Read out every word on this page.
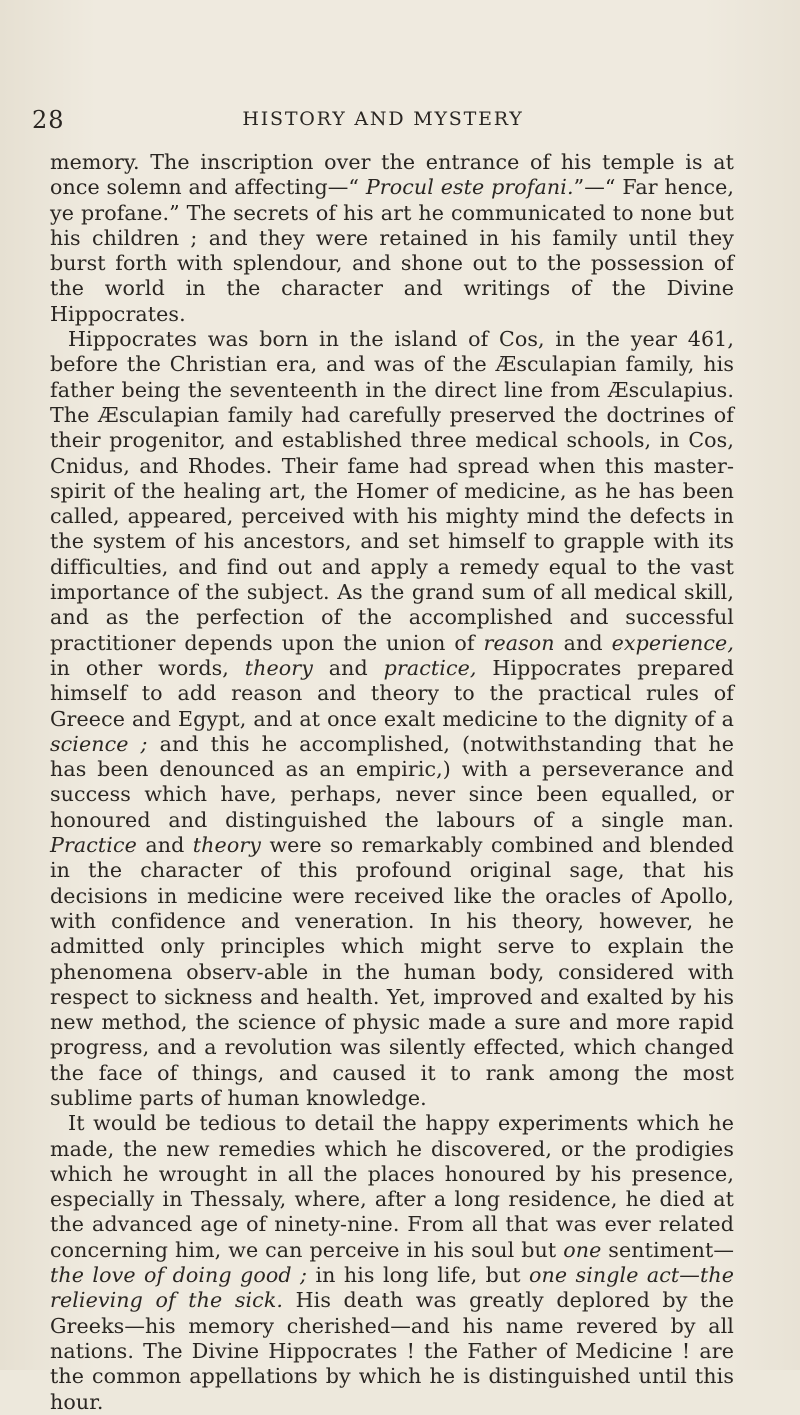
28	HISTORY AND MYSTERY

memory. The inscription over the entrance of his temple is at once solemn and affecting—“ Procul este profani.”—“ Far hence, ye profane.” The secrets of his art he communicated to none but his children ; and they were retained in his family until they burst forth with splendour, and shone out to the possession of the world in the character and writings of the Divine Hippocrates.

Hippocrates was born in the island of Cos, in the year 461, before the Christian era, and was of the Æsculapian family, his father being the seventeenth in the direct line from Æsculapius. The Æsculapian family had carefully preserved the doctrines of their progenitor, and established three medical schools, in Cos, Cnidus, and Rhodes. Their fame had spread when this master-spirit of the healing art, the Homer of medicine, as he has been called, appeared, perceived with his mighty mind the defects in the system of his ancestors, and set himself to grapple with its difficulties, and find out and apply a remedy equal to the vast importance of the subject. As the grand sum of all medical skill, and as the perfection of the accomplished and successful practitioner depends upon the union of reason and experience, in other words, theory and practice, Hippocrates prepared himself to add reason and theory to the practical rules of Greece and Egypt, and at once exalt medicine to the dignity of a science ; and this he accomplished, (notwithstanding that he has been denounced as an empiric,) with a perseverance and success which have, perhaps, never since been equalled, or honoured and distinguished the labours of a single man. Practice and theory were so remarkably combined and blended in the character of this profound original sage, that his decisions in medicine were received like the oracles of Apollo, with confidence and veneration. In his theory, however, he admitted only principles which might serve to explain the phenomena observ-able in the human body, considered with respect to sickness and health. Yet, improved and exalted by his new method, the science of physic made a sure and more rapid progress, and a revolution was silently effected, which changed the face of things, and caused it to rank among the most sublime parts of human knowledge.

It would be tedious to detail the happy experiments which he made, the new remedies which he discovered, or the prodigies which he wrought in all the places honoured by his presence, especially in Thessaly, where, after a long residence, he died at the advanced age of ninety-nine. From all that was ever related concerning him, we can perceive in his soul but one sentiment—the love of doing good ; in his long life, but one single act—the relieving of the sick. His death was greatly deplored by the Greeks—his memory cherished—and his name revered by all nations. The Divine Hippocrates ! the Father of Medicine ! are the common appellations by which he is distinguished until this hour.
